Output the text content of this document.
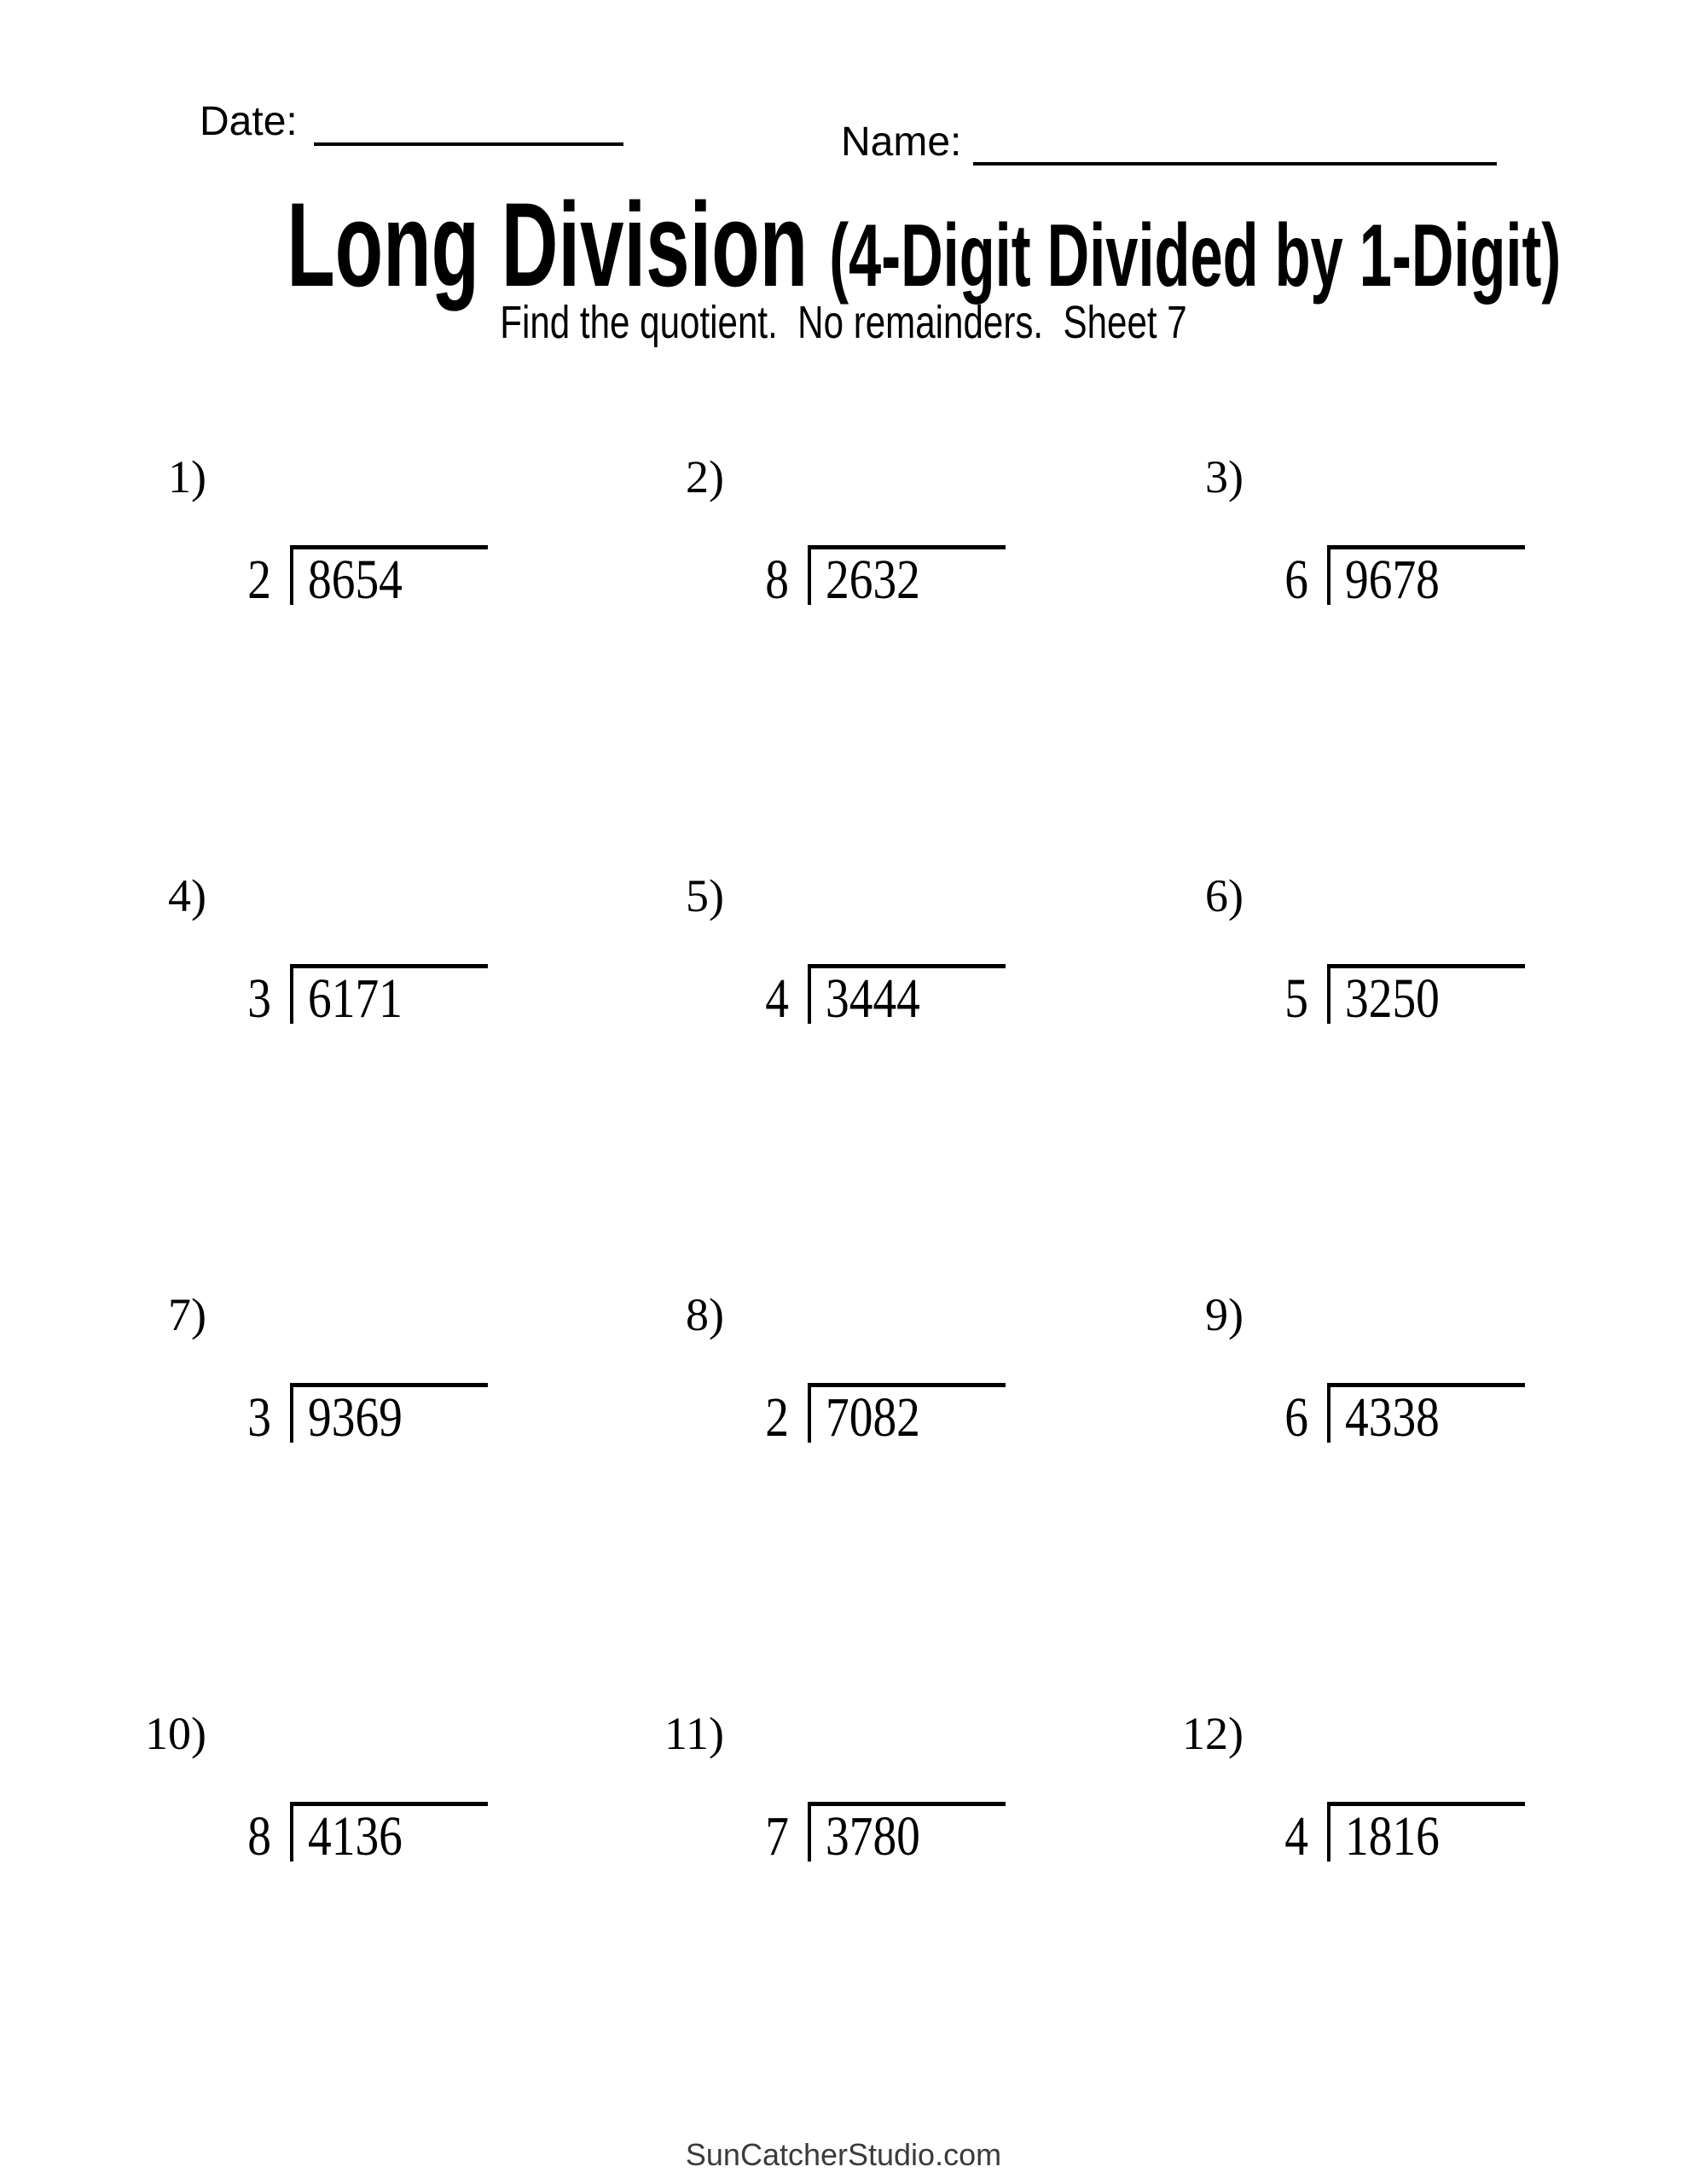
Date:	Name:
Long Division (4-Digit Divided by 1-Digit)

Find the quotient.  No remainders.  Sheet 7

1)
2 8654
2)
8 2632
3)
6 9678
4)
3 6171
5)
4 3444
6)
5 3250
7)
3 9369
8)
2 7082
9)
6 4338
10)
8 4136
11)
7 3780
12)
4 1816

SunCatcherStudio.com
